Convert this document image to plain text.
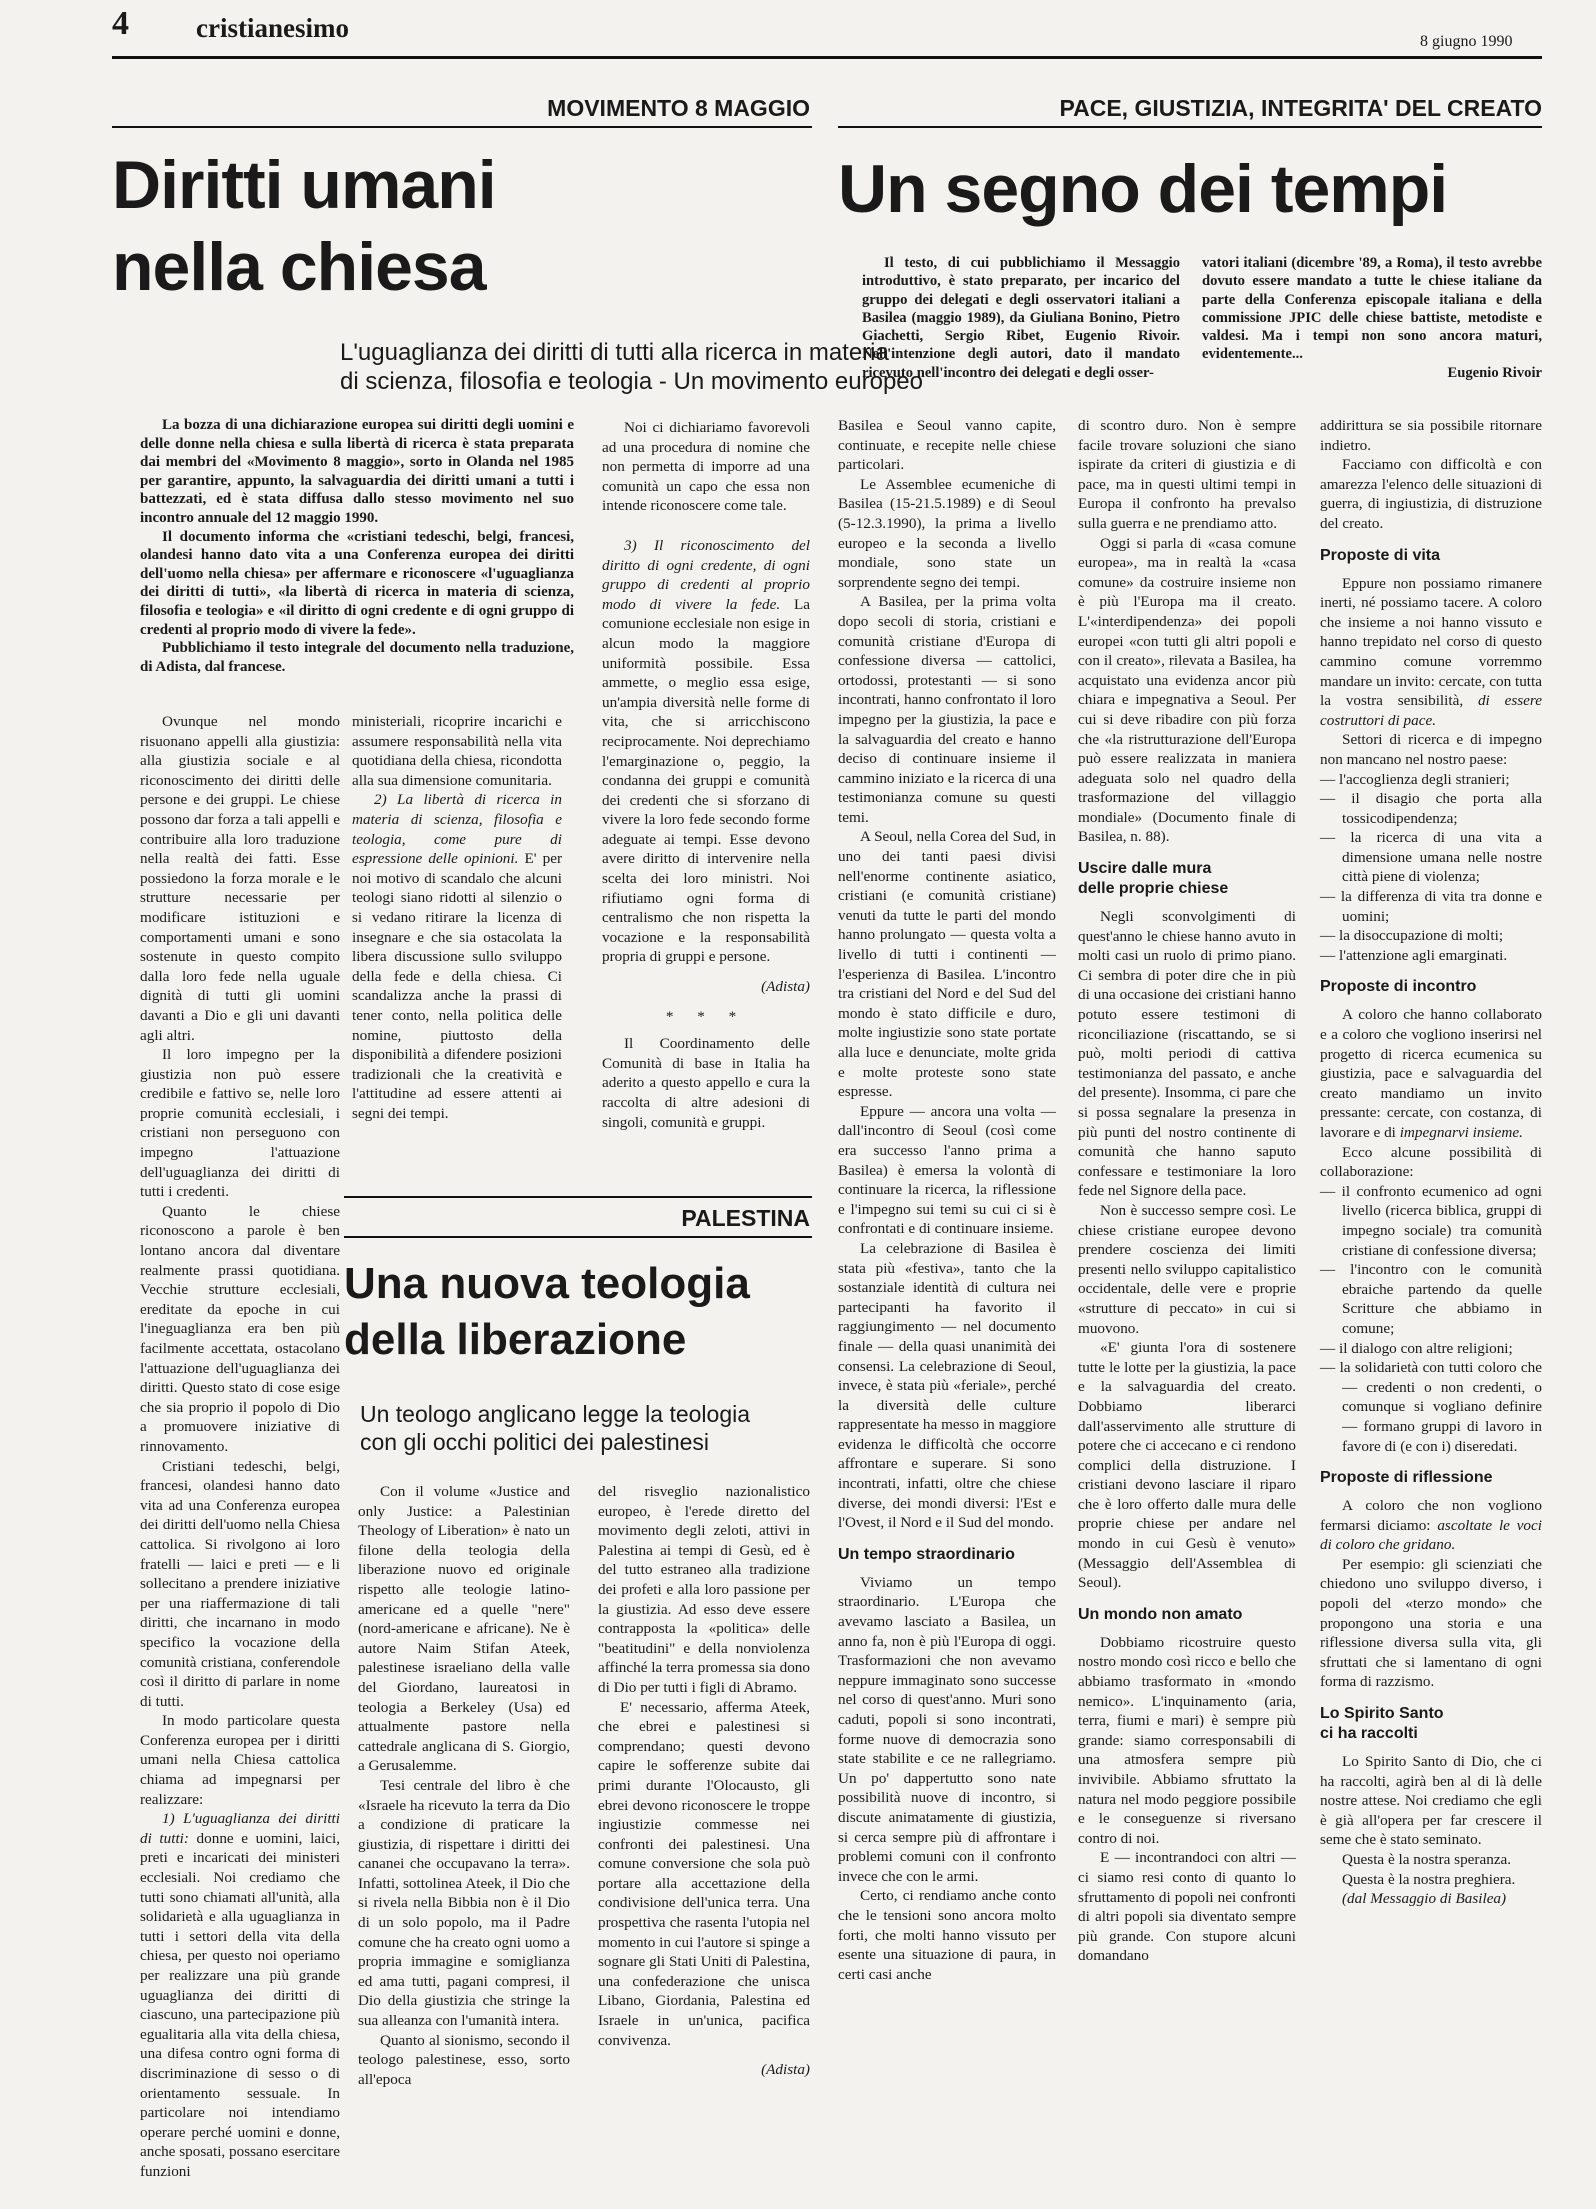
4 cristianesimo	8 giugno 1990
MOVIMENTO 8 MAGGIO
Diritti umani
nella chiesa
L'uguaglianza dei diritti di tutti alla ricerca in materia
di scienza, filosofia e teologia - Un movimento europeo

La bozza di una dichiarazione europea sui diritti degli uomini e delle donne nella chiesa e sulla libertà di ricerca è stata preparata dai membri del «Movimento 8 maggio», sorto in Olanda nel 1985 per garantire, appunto, la salvaguardia dei diritti umani a tutti i battezzati, ed è stata diffusa dallo stesso movimento nel suo incontro annuale del 12 maggio 1990.

Il documento informa che «cristiani tedeschi, belgi, francesi, olandesi hanno dato vita a una Conferenza europea dei diritti dell'uomo nella chiesa» per affermare e riconoscere «l'uguaglianza dei diritti di tutti», «la libertà di ricerca in materia di scienza, filosofia e teologia» e «il diritto di ogni credente e di ogni gruppo di credenti al proprio modo di vivere la fede».

Pubblichiamo il testo integrale del documento nella traduzione, di Adista, dal francese.

Ovunque nel mondo risuonano appelli alla giustizia: alla giustizia sociale e al riconoscimento dei diritti delle persone e dei gruppi. Le chiese possono dar forza a tali appelli e contribuire alla loro traduzione nella realtà dei fatti. Esse possiedono la forza morale e le strutture necessarie per modificare istituzioni e comportamenti umani e sono sostenute in questo compito dalla loro fede nella uguale dignità di tutti gli uomini davanti a Dio e gli uni davanti agli altri.

Il loro impegno per la giustizia non può essere credibile e fattivo se, nelle loro proprie comunità ecclesiali, i cristiani non perseguono con impegno l'attuazione dell'uguaglianza dei diritti di tutti i credenti.

Quanto le chiese riconoscono a parole è ben lontano ancora dal diventare realmente prassi quotidiana. Vecchie strutture ecclesiali, ereditate da epoche in cui l'ineguaglianza era ben più facilmente accettata, ostacolano l'attuazione dell'uguaglianza dei diritti. Questo stato di cose esige che sia proprio il popolo di Dio a promuovere iniziative di rinnovamento.

Cristiani tedeschi, belgi, francesi, olandesi hanno dato vita ad una Conferenza europea dei diritti dell'uomo nella Chiesa cattolica. Si rivolgono ai loro fratelli — laici e preti — e li sollecitano a prendere iniziative per una riaffermazione di tali diritti, che incarnano in modo specifico la vocazione della comunità cristiana, conferendole così il diritto di parlare in nome di tutti.

In modo particolare questa Conferenza europea per i diritti umani nella Chiesa cattolica chiama ad impegnarsi per realizzare:

1) L'uguaglianza dei diritti di tutti: donne e uomini, laici, preti e incaricati dei ministeri ecclesiali. Noi crediamo che tutti sono chiamati all'unità, alla solidarietà e alla uguaglianza in tutti i settori della vita della chiesa, per questo noi operiamo per realizzare una più grande uguaglianza dei diritti di ciascuno, una partecipazione più egualitaria alla vita della chiesa, una difesa contro ogni forma di discriminazione di sesso o di orientamento sessuale. In particolare noi intendiamo operare perché uomini e donne, anche sposati, possano esercitare funzioni

ministeriali, ricoprire incarichi e assumere responsabilità nella vita quotidiana della chiesa, ricondotta alla sua dimensione comunitaria.

2) La libertà di ricerca in materia di scienza, filosofia e teologia, come pure di espressione delle opinioni. E' per noi motivo di scandalo che alcuni teologi siano ridotti al silenzio o si vedano ritirare la licenza di insegnare e che sia ostacolata la libera discussione sullo sviluppo della fede e della chiesa. Ci scandalizza anche la prassi di tener conto, nella politica delle nomine, piuttosto della disponibilità a difendere posizioni tradizionali che la creatività e l'attitudine ad essere attenti ai segni dei tempi.

Noi ci dichiariamo favorevoli ad una procedura di nomine che non permetta di imporre ad una comunità un capo che essa non intende riconoscere come tale.

3) Il riconoscimento del diritto di ogni credente, di ogni gruppo di credenti al proprio modo di vivere la fede. La comunione ecclesiale non esige in alcun modo la maggiore uniformità possibile. Essa ammette, o meglio essa esige, un'ampia diversità nelle forme di vita, che si arricchiscono reciprocamente. Noi deprechiamo l'emarginazione o, peggio, la condanna dei gruppi e comunità dei credenti che si sforzano di vivere la loro fede secondo forme adeguate ai tempi. Esse devono avere diritto di intervenire nella scelta dei loro ministri. Noi rifiutiamo ogni forma di centralismo che non rispetta la vocazione e la responsabilità propria di gruppi e persone.

(Adista)
* * *

Il Coordinamento delle Comunità di base in Italia ha aderito a questo appello e cura la raccolta di altre adesioni di singoli, comunità e gruppi.

PALESTINA
Una nuova teologia
della liberazione
Un teologo anglicano legge la teologia
con gli occhi politici dei palestinesi

Con il volume «Justice and only Justice: a Palestinian Theology of Liberation» è nato un filone della teologia della liberazione nuovo ed originale rispetto alle teologie latino-americane ed a quelle "nere" (nord-americane e africane). Ne è autore Naim Stifan Ateek, palestinese israeliano della valle del Giordano, laureatosi in teologia a Berkeley (Usa) ed attualmente pastore nella cattedrale anglicana di S. Giorgio, a Gerusalemme.

Tesi centrale del libro è che «Israele ha ricevuto la terra da Dio a condizione di praticare la giustizia, di rispettare i diritti dei cananei che occupavano la terra». Infatti, sottolinea Ateek, il Dio che si rivela nella Bibbia non è il Dio di un solo popolo, ma il Padre comune che ha creato ogni uomo a propria immagine e somiglianza ed ama tutti, pagani compresi, il Dio della giustizia che stringe la sua alleanza con l'umanità intera.

Quanto al sionismo, secondo il teologo palestinese, esso, sorto all'epoca

del risveglio nazionalistico europeo, è l'erede diretto del movimento degli zeloti, attivi in Palestina ai tempi di Gesù, ed è del tutto estraneo alla tradizione dei profeti e alla loro passione per la giustizia. Ad esso deve essere contrapposta la «politica» delle "beatitudini" e della nonviolenza affinché la terra promessa sia dono di Dio per tutti i figli di Abramo.

E' necessario, afferma Ateek, che ebrei e palestinesi si comprendano; questi devono capire le sofferenze subite dai primi durante l'Olocausto, gli ebrei devono riconoscere le troppe ingiustizie commesse nei confronti dei palestinesi. Una comune conversione che sola può portare alla accettazione della condivisione dell'unica terra. Una prospettiva che rasenta l'utopia nel momento in cui l'autore si spinge a sognare gli Stati Uniti di Palestina, una confederazione che unisca Libano, Giordania, Palestina ed Israele in un'unica, pacifica convivenza.

(Adista)
PACE, GIUSTIZIA, INTEGRITA' DEL CREATO
Un segno dei tempi

Il testo, di cui pubblichiamo il Messaggio introduttivo, è stato preparato, per incarico del gruppo dei delegati e degli osservatori italiani a Basilea (maggio 1989), da Giuliana Bonino, Pietro Giachetti, Sergio Ribet, Eugenio Rivoir. Nell'intenzione degli autori, dato il mandato ricevuto nell'incontro dei delegati e degli osser-

vatori italiani (dicembre '89, a Roma), il testo avrebbe dovuto essere mandato a tutte le chiese italiane da parte della Conferenza episcopale italiana e della commissione JPIC delle chiese battiste, metodiste e valdesi. Ma i tempi non sono ancora maturi, evidentemente...

Eugenio Rivoir

Basilea e Seoul vanno capite, continuate, e recepite nelle chiese particolari.

Le Assemblee ecumeniche di Basilea (15-21.5.1989) e di Seoul (5-12.3.1990), la prima a livello europeo e la seconda a livello mondiale, sono state un sorprendente segno dei tempi.

A Basilea, per la prima volta dopo secoli di storia, cristiani e comunità cristiane d'Europa di confessione diversa — cattolici, ortodossi, protestanti — si sono incontrati, hanno confrontato il loro impegno per la giustizia, la pace e la salvaguardia del creato e hanno deciso di continuare insieme il cammino iniziato e la ricerca di una testimonianza comune su questi temi.

A Seoul, nella Corea del Sud, in uno dei tanti paesi divisi nell'enorme continente asiatico, cristiani (e comunità cristiane) venuti da tutte le parti del mondo hanno prolungato — questa volta a livello di tutti i continenti — l'esperienza di Basilea. L'incontro tra cristiani del Nord e del Sud del mondo è stato difficile e duro, molte ingiustizie sono state portate alla luce e denunciate, molte grida e molte proteste sono state espresse.

Eppure — ancora una volta — dall'incontro di Seoul (così come era successo l'anno prima a Basilea) è emersa la volontà di continuare la ricerca, la riflessione e l'impegno sui temi su cui ci si è confrontati e di continuare insieme.

La celebrazione di Basilea è stata più «festiva», tanto che la sostanziale identità di cultura nei partecipanti ha favorito il raggiungimento — nel documento finale — della quasi unanimità dei consensi. La celebrazione di Seoul, invece, è stata più «feriale», perché la diversità delle culture rappresentate ha messo in maggiore evidenza le difficoltà che occorre affrontare e superare. Si sono incontrati, infatti, oltre che chiese diverse, dei mondi diversi: l'Est e l'Ovest, il Nord e il Sud del mondo.

Un tempo straordinario

Viviamo un tempo straordinario. L'Europa che avevamo lasciato a Basilea, un anno fa, non è più l'Europa di oggi. Trasformazioni che non avevamo neppure immaginato sono successe nel corso di quest'anno. Muri sono caduti, popoli si sono incontrati, forme nuove di democrazia sono state stabilite e ce ne rallegriamo. Un po' dappertutto sono nate possibilità nuove di incontro, si discute animatamente di giustizia, si cerca sempre più di affrontare i problemi comuni con il confronto invece che con le armi.

Certo, ci rendiamo anche conto che le tensioni sono ancora molto forti, che molti hanno vissuto per esente una situazione di paura, in certi casi anche

di scontro duro. Non è sempre facile trovare soluzioni che siano ispirate da criteri di giustizia e di pace, ma in questi ultimi tempi in Europa il confronto ha prevalso sulla guerra e ne prendiamo atto.

Oggi si parla di «casa comune europea», ma in realtà la «casa comune» da costruire insieme non è più l'Europa ma il creato. L'«interdipendenza» dei popoli europei «con tutti gli altri popoli e con il creato», rilevata a Basilea, ha acquistato una evidenza ancor più chiara e impegnativa a Seoul. Per cui si deve ribadire con più forza che «la ristrutturazione dell'Europa può essere realizzata in maniera adeguata solo nel quadro della trasformazione del villaggio mondiale» (Documento finale di Basilea, n. 88).

Uscire dalle mura
delle proprie chiese

Negli sconvolgimenti di quest'anno le chiese hanno avuto in molti casi un ruolo di primo piano. Ci sembra di poter dire che in più di una occasione dei cristiani hanno potuto essere testimoni di riconciliazione (riscattando, se si può, molti periodi di cattiva testimonianza del passato, e anche del presente). Insomma, ci pare che si possa segnalare la presenza in più punti del nostro continente di comunità che hanno saputo confessare e testimoniare la loro fede nel Signore della pace.

Non è successo sempre così. Le chiese cristiane europee devono prendere coscienza dei limiti presenti nello sviluppo capitalistico occidentale, delle vere e proprie «strutture di peccato» in cui si muovono.

«E' giunta l'ora di sostenere tutte le lotte per la giustizia, la pace e la salvaguardia del creato. Dobbiamo liberarci dall'asservimento alle strutture di potere che ci accecano e ci rendono complici della distruzione. I cristiani devono lasciare il riparo che è loro offerto dalle mura delle proprie chiese per andare nel mondo in cui Gesù è venuto» (Messaggio dell'Assemblea di Seoul).

Un mondo non amato

Dobbiamo ricostruire questo nostro mondo così ricco e bello che abbiamo trasformato in «mondo nemico». L'inquinamento (aria, terra, fiumi e mari) è sempre più grande: siamo corresponsabili di una atmosfera sempre più invivibile. Abbiamo sfruttato la natura nel modo peggiore possibile e le conseguenze si riversano contro di noi.

E — incontrandoci con altri — ci siamo resi conto di quanto lo sfruttamento di popoli nei confronti di altri popoli sia diventato sempre più grande. Con stupore alcuni domandano

addirittura se sia possibile ritornare indietro.

Facciamo con difficoltà e con amarezza l'elenco delle situazioni di guerra, di ingiustizia, di distruzione del creato.

Proposte di vita

Eppure non possiamo rimanere inerti, né possiamo tacere. A coloro che insieme a noi hanno vissuto e hanno trepidato nel corso di questo cammino comune vorremmo mandare un invito: cercate, con tutta la vostra sensibilità, di essere costruttori di pace.

Settori di ricerca e di impegno non mancano nel nostro paese:

— l'accoglienza degli stranieri;
— il disagio che porta alla tossicodipendenza;
— la ricerca di una vita a dimensione umana nelle nostre città piene di violenza;
— la differenza di vita tra donne e uomini;
— la disoccupazione di molti;
— l'attenzione agli emarginati.
Proposte di incontro

A coloro che hanno collaborato e a coloro che vogliono inserirsi nel progetto di ricerca ecumenica su giustizia, pace e salvaguardia del creato mandiamo un invito pressante: cercate, con costanza, di lavorare e di impegnarvi insieme.

Ecco alcune possibilità di collaborazione:

— il confronto ecumenico ad ogni livello (ricerca biblica, gruppi di impegno sociale) tra comunità cristiane di confessione diversa;
— l'incontro con le comunità ebraiche partendo da quelle Scritture che abbiamo in comune;
— il dialogo con altre religioni;
— la solidarietà con tutti coloro che — credenti o non credenti, o comunque si vogliano definire — formano gruppi di lavoro in favore di (e con i) diseredati.
Proposte di riflessione

A coloro che non vogliono fermarsi diciamo: ascoltate le voci di coloro che gridano.

Per esempio: gli scienziati che chiedono uno sviluppo diverso, i popoli del «terzo mondo» che propongono una storia e una riflessione diversa sulla vita, gli sfruttati che si lamentano di ogni forma di razzismo.

Lo Spirito Santo
ci ha raccolti

Lo Spirito Santo di Dio, che ci ha raccolti, agirà ben al di là delle nostre attese. Noi crediamo che egli è già all'opera per far crescere il seme che è stato seminato.

Questa è la nostra speranza.

Questa è la nostra preghiera.

(dal Messaggio di Basilea)
